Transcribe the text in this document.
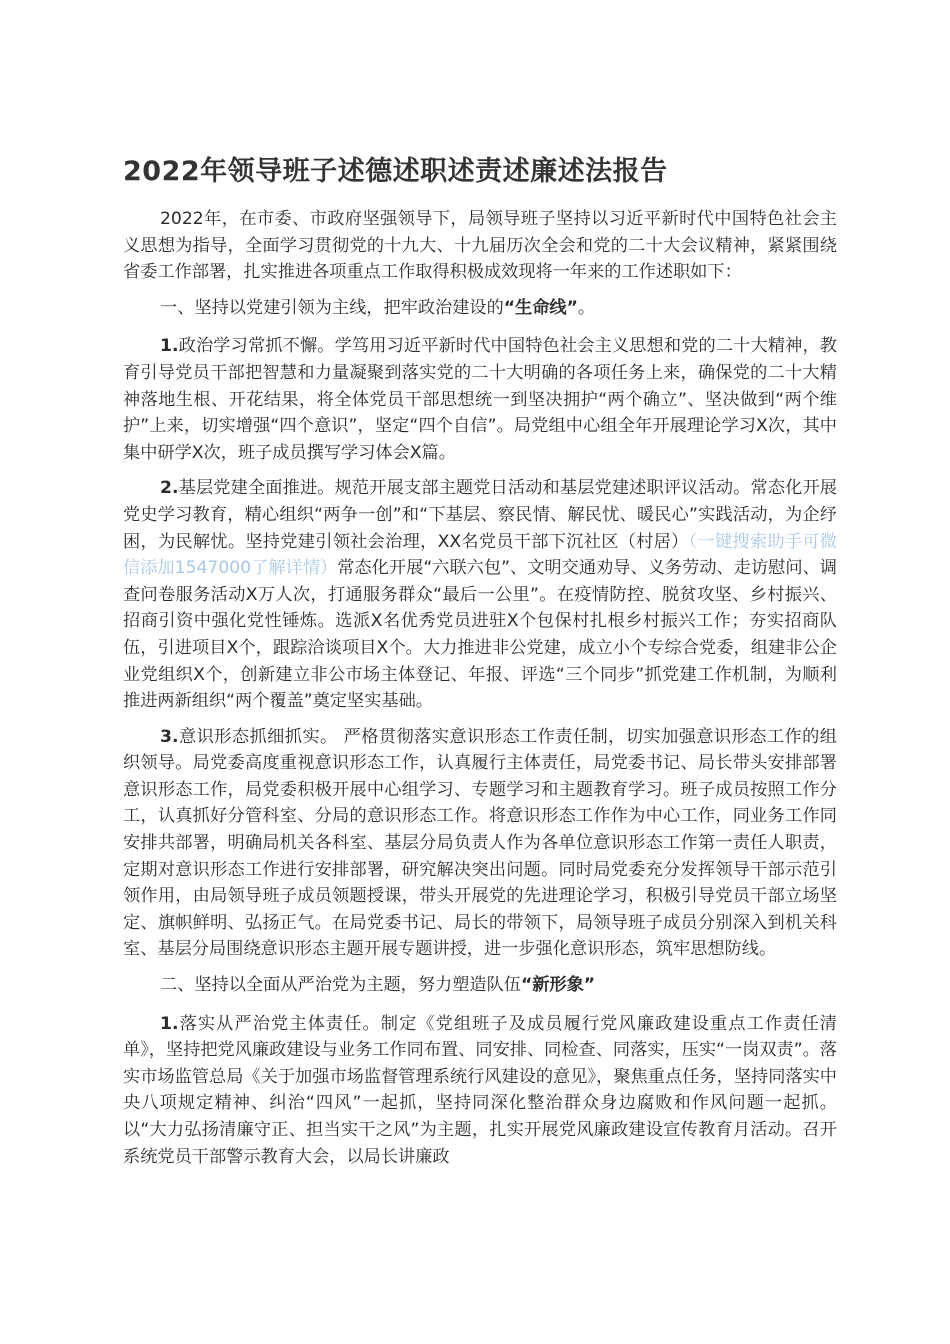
2022年领导班子述德述职述责述廉述法报告

2022年，在市委、市政府坚强领导下，局领导班子坚持以习近平新时代中国特色社会主义思想为指导，全面学习贯彻党的十九大、十九届历次全会和党的二十大会议精神，紧紧围绕省委工作部署，扎实推进各项重点工作取得积极成效现将一年来的工作述职如下：

一、坚持以党建引领为主线，把牢政治建设的“生命线”。

1.政治学习常抓不懈。学笃用习近平新时代中国特色社会主义思想和党的二十大精神，教育引导党员干部把智慧和力量凝聚到落实党的二十大明确的各项任务上来，确保党的二十大精神落地生根、开花结果，将全体党员干部思想统一到坚决拥护“两个确立”、坚决做到“两个维护”上来，切实增强“四个意识”，坚定“四个自信”。局党组中心组全年开展理论学习X次，其中集中研学X次，班子成员撰写学习体会X篇。

2.基层党建全面推进。规范开展支部主题党日活动和基层党建述职评议活动。常态化开展党史学习教育，精心组织“两争一创”和“下基层、察民情、解民忧、暖民心”实践活动，为企纾困，为民解忧。坚持党建引领社会治理，XX名党员干部下沉社区（村居）（一键搜索助手可微信添加1547000了解详情）常态化开展“六联六包”、文明交通劝导、义务劳动、走访慰问、调查问卷服务活动X万人次，打通服务群众“最后一公里”。在疫情防控、脱贫攻坚、乡村振兴、招商引资中强化党性锤炼。选派X名优秀党员进驻X个包保村扎根乡村振兴工作；夯实招商队伍，引进项目X个，跟踪洽谈项目X个。大力推进非公党建，成立小个专综合党委，组建非公企业党组织X个，创新建立非公市场主体登记、年报、评选“三个同步”抓党建工作机制，为顺利推进两新组织“两个覆盖”奠定坚实基础。

3.意识形态抓细抓实。 严格贯彻落实意识形态工作责任制，切实加强意识形态工作的组织领导。局党委高度重视意识形态工作，认真履行主体责任，局党委书记、局长带头安排部署意识形态工作，局党委积极开展中心组学习、专题学习和主题教育学习。班子成员按照工作分工，认真抓好分管科室、分局的意识形态工作。将意识形态工作作为中心工作，同业务工作同安排共部署，明确局机关各科室、基层分局负责人作为各单位意识形态工作第一责任人职责，定期对意识形态工作进行安排部署，研究解决突出问题。同时局党委充分发挥领导干部示范引领作用，由局领导班子成员领题授课，带头开展党的先进理论学习，积极引导党员干部立场坚定、旗帜鲜明、弘扬正气。在局党委书记、局长的带领下，局领导班子成员分别深入到机关科室、基层分局围绕意识形态主题开展专题讲授，进一步强化意识形态，筑牢思想防线。

二、坚持以全面从严治党为主题，努力塑造队伍“新形象”

1.落实从严治党主体责任。制定《党组班子及成员履行党风廉政建设重点工作责任清单》，坚持把党风廉政建设与业务工作同布置、同安排、同检查、同落实，压实“一岗双责”。落实市场监管总局《关于加强市场监督管理系统行风建设的意见》，聚焦重点任务，坚持同落实中央八项规定精神、纠治“四风”一起抓，坚持同深化整治群众身边腐败和作风问题一起抓。以“大力弘扬清廉守正、担当实干之风”为主题，扎实开展党风廉政建设宣传教育月活动。召开系统党员干部警示教育大会，以局长讲廉政
